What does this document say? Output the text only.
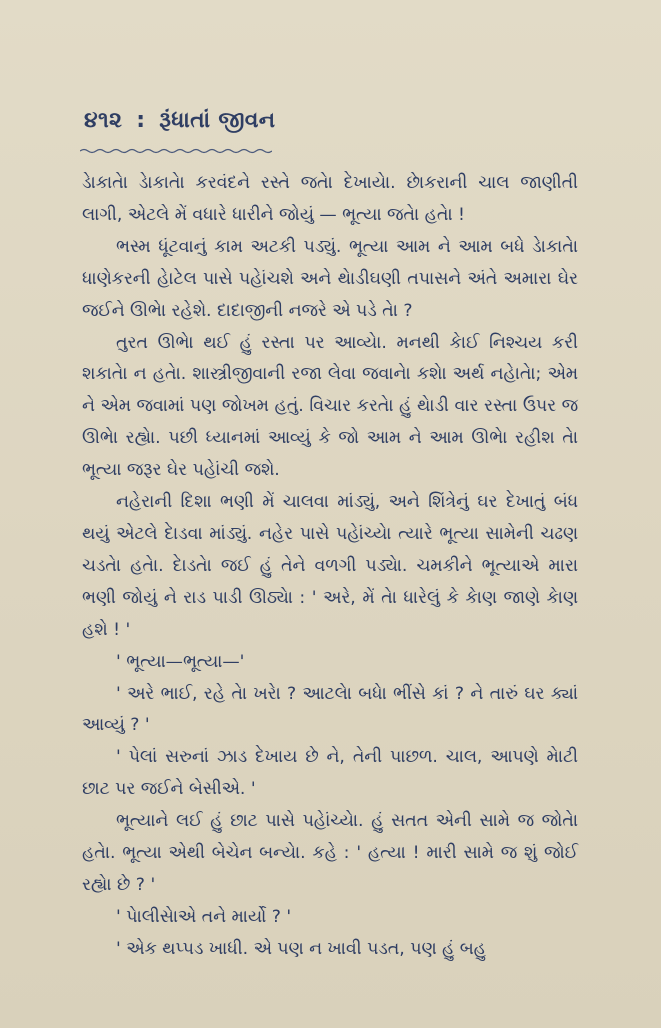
૪૧૨ : રૂંધાતાં જીવન

ડેાકાતેા ડેાકાતેા કરવંદને રસ્તે જતેા દેખાયેા. છેાકરાની ચાલ જાણીતી લાગી, એટલે મેં વધારે ધારીને જોયું — ભૂત્યા જતેા હતેા !

ભસ્મ ધૂંટવાનું કામ અટકી પડ્યું. ભૂત્યા આમ ને આમ બધે ડેાકાતેા ધાણેકરની હેાટેલ પાસે પહેાંચશે અને થેાડીઘણી તપાસને અંતે અમારા ઘેર જઈને ઊભેા રહેશે. દાદાજીની નજરે એ પડે તેા ?

તુરત ઊભેા થઈ હું રસ્તા પર આવ્યેા. મનથી કેાઈ નિશ્ચય કરી શકાતેા ન હતેા. શાસ્ત્રીજીવાની રજા લેવા જવાનેા કશેા અર્થ નહેાતેા; એમ ને એમ જવામાં પણ જોખમ હતું. વિચાર કરતેા હું થેાડી વાર રસ્તા ઉપર જ ઊભેા રહ્યેા. પછી ધ્યાનમાં આવ્યું કે જો આમ ને આમ ઊભેા રહીશ તેા ભૂત્યા જરૂર ઘેર પહેાંચી જશે.

નહેરાની દિશા ભણી મેં ચાલવા માંડ્યું, અને શિંત્રેનું ઘર દેખાતું બંધ થયું એટલે દેાડવા માંડ્યું. નહેર પાસે પહેાંચ્યેા ત્યારે ભૂત્યા સામેની ચઢણ ચડતેા હતેા. દેાડતેા જઈ હું તેને વળગી પડ્યેા. ચમકીને ભૂત્યાએ મારા ભણી જોયું ને રાડ પાડી ઊઠ્યેા : ' અરે, મેં તેા ધારેલું કે કેાણ જાણે કેાણ હશે ! '

' ભૂત્યા—ભૂત્યા—'

' અરે ભાઈ, રહે તેા ખરેા ? આટલેા બધેા ભીંસે કાં ? ને તારું ઘર ક્યાં આવ્યું ? '

' પેલાં સરુનાં ઝાડ દેખાય છે ને, તેની પાછળ. ચાલ, આપણે મેાટી છાટ પર જઈને બેસીએ. '

ભૂત્યાને લઈ હું છાટ પાસે પહેાંચ્યેા. હું સતત એની સામે જ જોતેા હતેા. ભૂત્યા એથી બેચેન બન્યેા. કહે : ' હત્યા ! મારી સામે જ શું જોઈ રહ્યેા છે ? '

' પેાલીસેાએ તને માર્યો ? '

' એક થપ્પડ ખાધી. એ પણ ન ખાવી પડત, પણ હું બહુ
